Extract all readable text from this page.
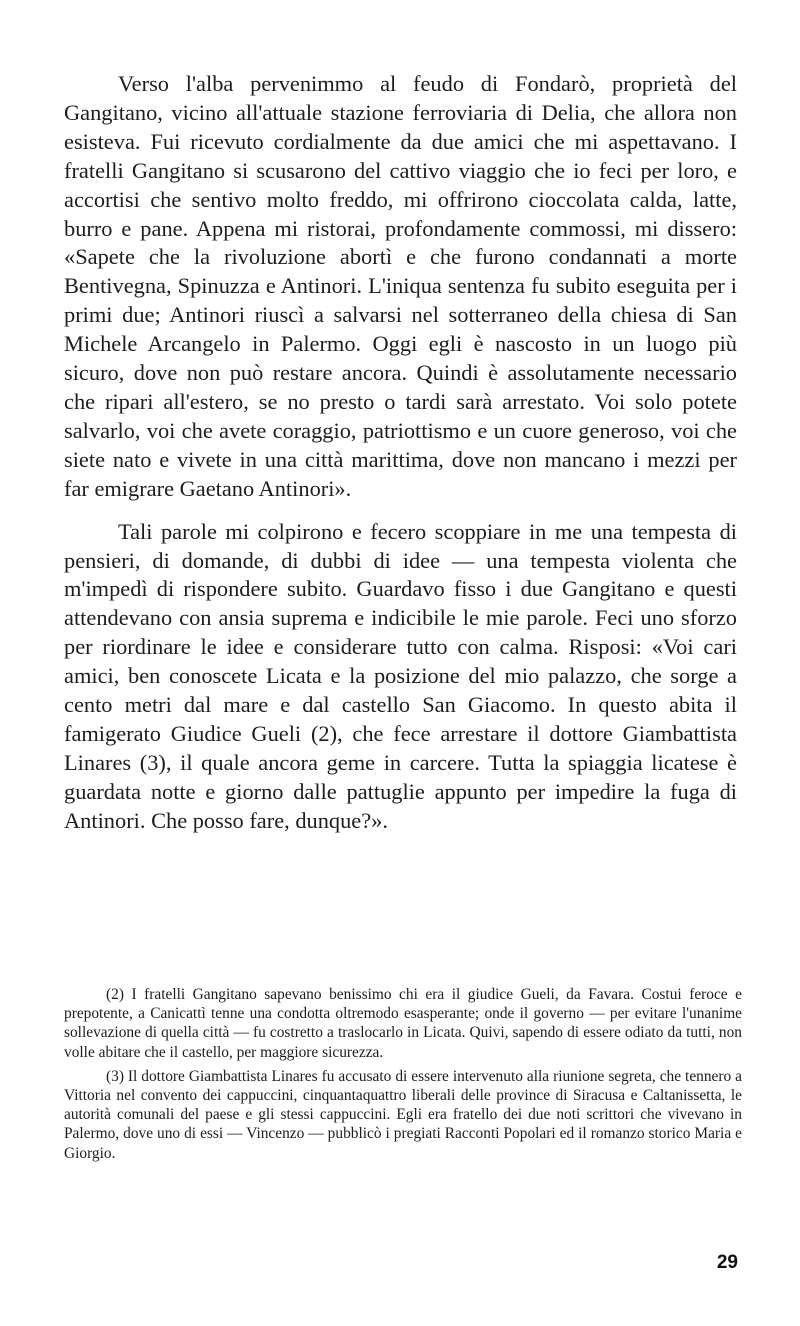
Verso l'alba pervenimmo al feudo di Fondarò, proprietà del Gangitano, vicino all'attuale stazione ferroviaria di Delia, che allora non esisteva. Fui ricevuto cordialmente da due amici che mi aspettavano. I fratelli Gangitano si scusarono del cattivo viaggio che io feci per loro, e accortisi che sentivo molto freddo, mi offrirono cioccolata calda, latte, burro e pane. Appena mi ristorai, profondamente commossi, mi dissero: «Sapete che la rivoluzione abortì e che furono condannati a morte Bentivegna, Spinuzza e Antinori. L'iniqua sentenza fu subito eseguita per i primi due; Antinori riuscì a salvarsi nel sotterraneo della chiesa di San Michele Arcangelo in Palermo. Oggi egli è nascosto in un luogo più sicuro, dove non può restare ancora. Quindi è assolutamente necessario che ripari all'estero, se no presto o tardi sarà arrestato. Voi solo potete salvarlo, voi che avete coraggio, patriottismo e un cuore generoso, voi che siete nato e vivete in una città marittima, dove non mancano i mezzi per far emigrare Gaetano Antinori».

Tali parole mi colpirono e fecero scoppiare in me una tempesta di pensieri, di domande, di dubbi di idee — una tempesta violenta che m'impedì di rispondere subito. Guardavo fisso i due Gangitano e questi attendevano con ansia suprema e indicibile le mie parole. Feci uno sforzo per riordinare le idee e considerare tutto con calma. Risposi: «Voi cari amici, ben conoscete Licata e la posizione del mio palazzo, che sorge a cento metri dal mare e dal castello San Giacomo. In questo abita il famigerato Giudice Gueli (2), che fece arrestare il dottore Giambattista Linares (3), il quale ancora geme in carcere. Tutta la spiaggia licatese è guardata notte e giorno dalle pattuglie appunto per impedire la fuga di Antinori. Che posso fare, dunque?».

(2) I fratelli Gangitano sapevano benissimo chi era il giudice Gueli, da Favara. Costui feroce e prepotente, a Canicattì tenne una condotta oltremodo esasperante; onde il governo — per evitare l'unanime sollevazione di quella città — fu costretto a traslocarlo in Licata. Quivi, sapendo di essere odiato da tutti, non volle abitare che il castello, per maggiore sicurezza.

(3) Il dottore Giambattista Linares fu accusato di essere intervenuto alla riunione segreta, che tennero a Vittoria nel convento dei cappuccini, cinquantaquattro liberali delle province di Siracusa e Caltanissetta, le autorità comunali del paese e gli stessi cappuccini. Egli era fratello dei due noti scrittori che vivevano in Palermo, dove uno di essi — Vincenzo — pubblicò i pregiati Racconti Popolari ed il romanzo storico Maria e Giorgio.

29
